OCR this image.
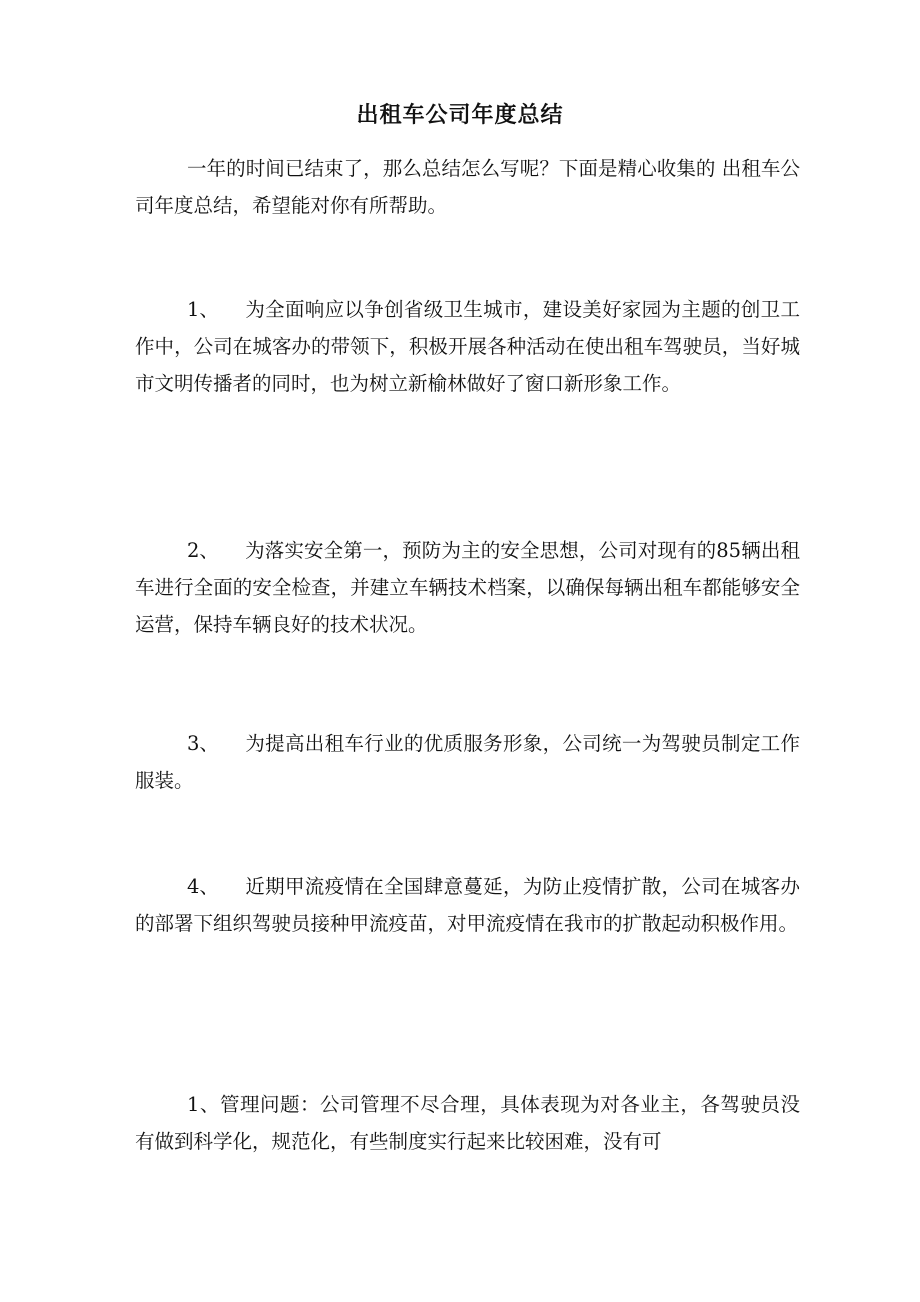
出租车公司年度总结
一年的时间已结束了，那么总结怎么写呢？下面是精心收集的 出租车公司年度总结，希望能对你有所帮助。
1、 为全面响应以争创省级卫生城市，建设美好家园为主题的创卫工作中，公司在城客办的带领下，积极开展各种活动在使出租车驾驶员，当好城市文明传播者的同时，也为树立新榆林做好了窗口新形象工作。
2、 为落实安全第一，预防为主的安全思想，公司对现有的85辆出租车进行全面的安全检查，并建立车辆技术档案，以确保每辆出租车都能够安全运营，保持车辆良好的技术状况。
3、 为提高出租车行业的优质服务形象，公司统一为驾驶员制定工作服装。
4、 近期甲流疫情在全国肆意蔓延，为防止疫情扩散，公司在城客办的部署下组织驾驶员接种甲流疫苗，对甲流疫情在我市的扩散起动积极作用。
1、管理问题：公司管理不尽合理，具体表现为对各业主，各驾驶员没有做到科学化，规范化，有些制度实行起来比较困难，没有可
